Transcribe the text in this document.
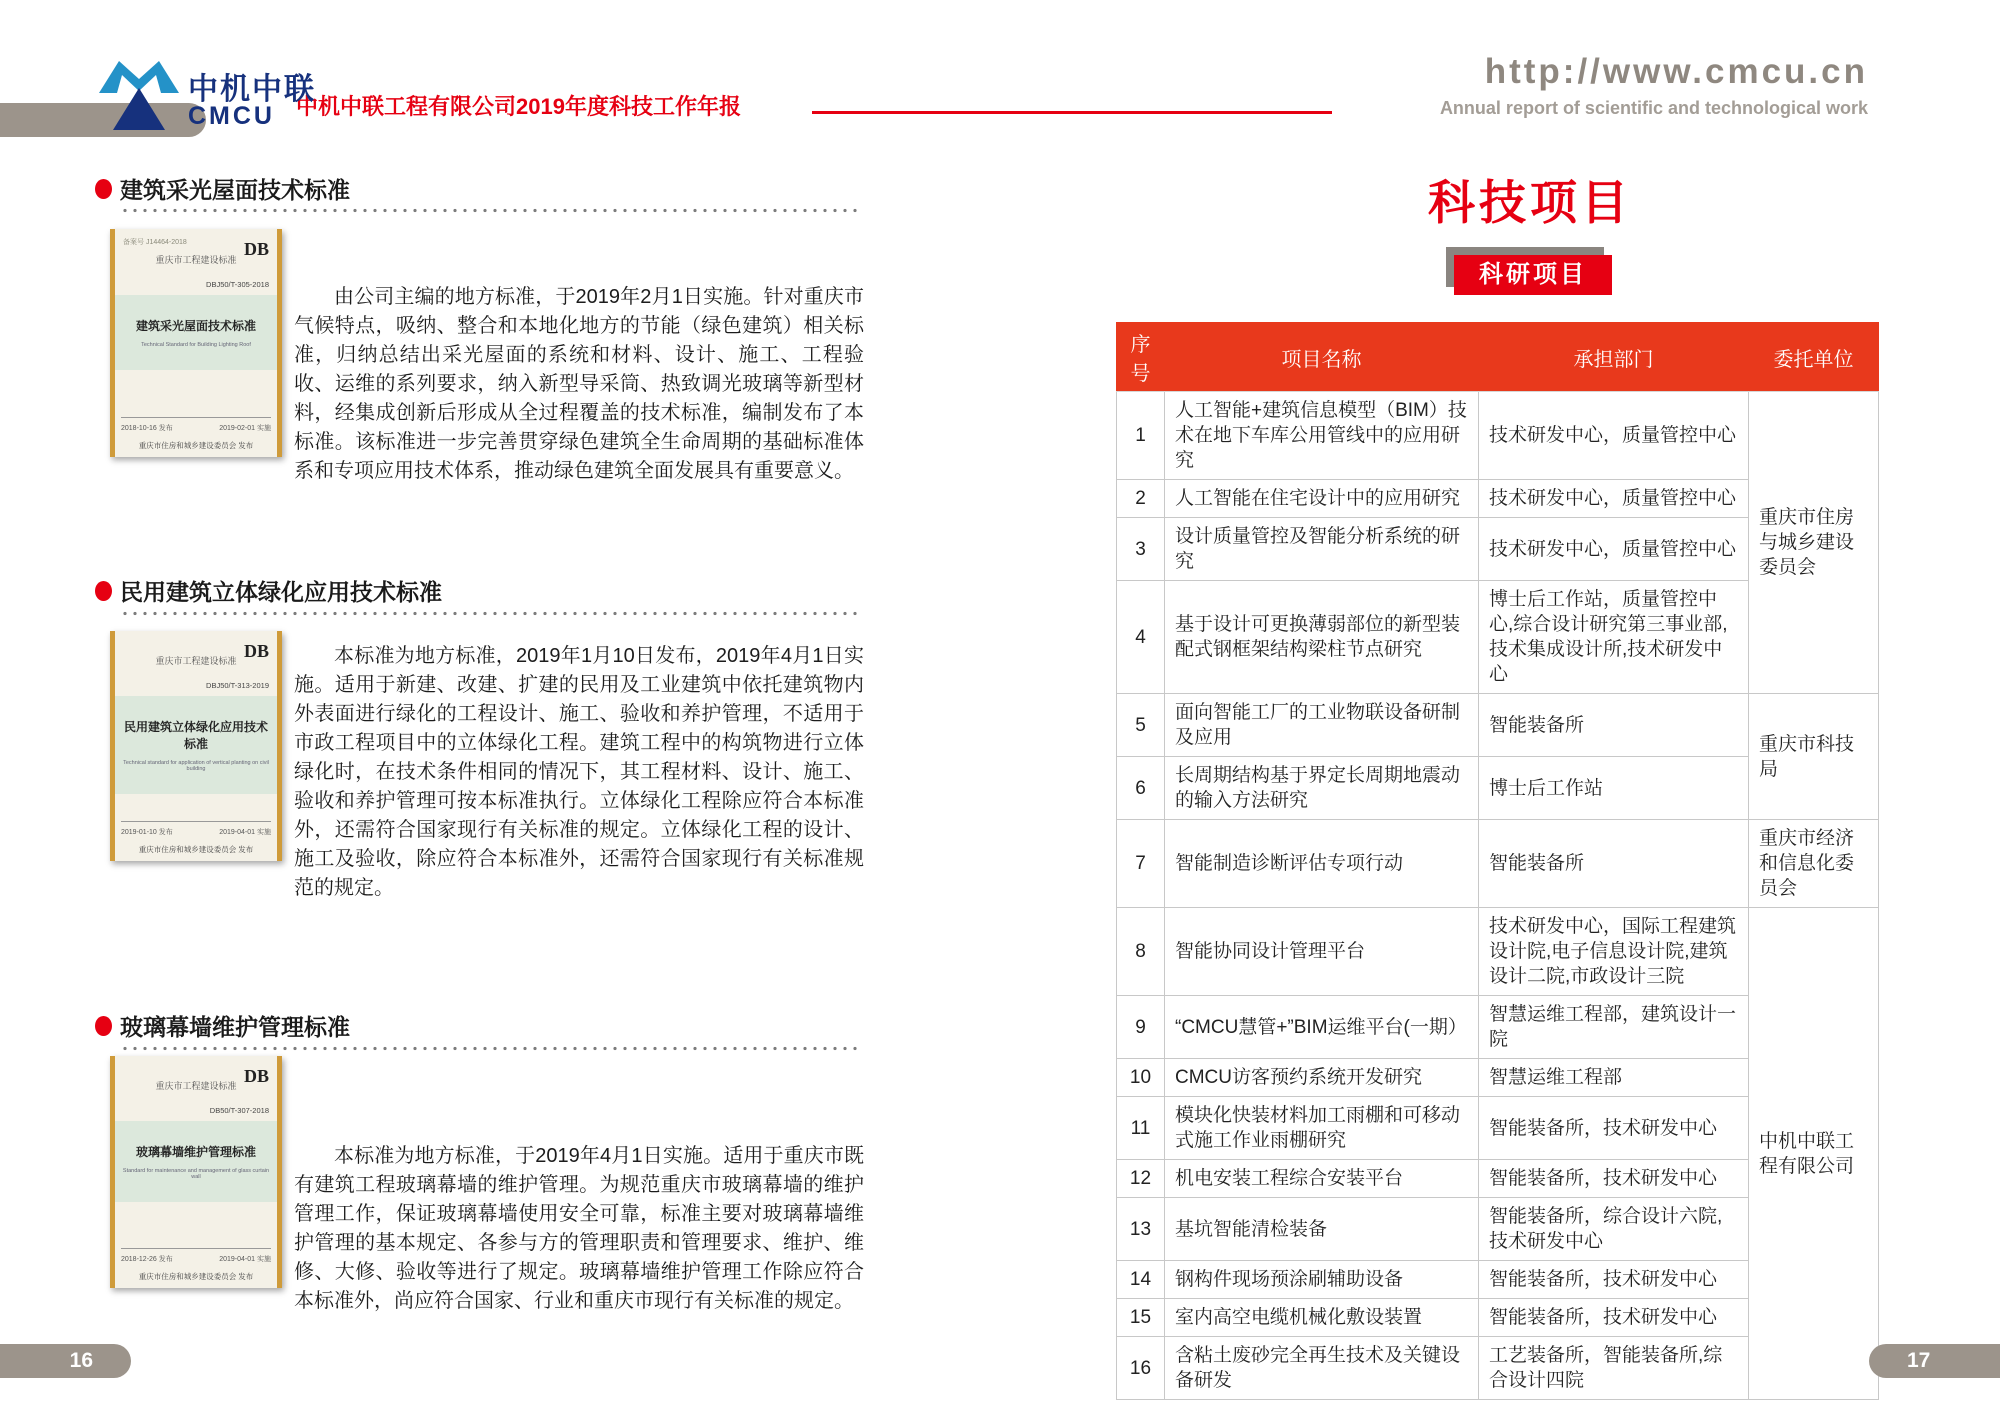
中机中联
CMCU 中机中联工程有限公司2019年度科技工作年报
http://www.cmcu.cn
Annual report of scientific and technological work
建筑采光屋面技术标准
备案号 J14464-2018	DB
重庆市工程建设标准
DBJ50/T-305-2018
建筑采光屋面技术标准
Technical Standard for Building Lighting Roof
2018-10-16 发布	2019-02-01 实施
重庆市住房和城乡建设委员会 发布
由公司主编的地方标准，于2019年2月1日实施。针对重庆市气候特点，吸纳、整合和本地化地方的节能（绿色建筑）相关标准，归纳总结出采光屋面的系统和材料、设计、施工、工程验收、运维的系列要求，纳入新型导采筒、热致调光玻璃等新型材料，经集成创新后形成从全过程覆盖的技术标准，编制发布了本标准。该标准进一步完善贯穿绿色建筑全生命周期的基础标准体系和专项应用技术体系，推动绿色建筑全面发展具有重要意义。
民用建筑立体绿化应用技术标准
DB
重庆市工程建设标准
DBJ50/T-313-2019
民用建筑立体绿化应用技术标准
Technical standard for application of vertical planting on civil building
2019-01-10 发布	2019-04-01 实施
重庆市住房和城乡建设委员会 发布
本标准为地方标准，2019年1月10日发布，2019年4月1日实施。适用于新建、改建、扩建的民用及工业建筑中依托建筑物内外表面进行绿化的工程设计、施工、验收和养护管理，不适用于市政工程项目中的立体绿化工程。建筑工程中的构筑物进行立体绿化时，在技术条件相同的情况下，其工程材料、设计、施工、验收和养护管理可按本标准执行。立体绿化工程除应符合本标准外，还需符合国家现行有关标准的规定。立体绿化工程的设计、施工及验收，除应符合本标准外，还需符合国家现行有关标准规范的规定。
玻璃幕墙维护管理标准
DB
重庆市工程建设标准
DB50/T-307-2018
玻璃幕墙维护管理标准
Standard for maintenance and management of glass curtain wall
2018-12-26 发布	2019-04-01 实施
重庆市住房和城乡建设委员会 发布
本标准为地方标准，于2019年4月1日实施。适用于重庆市既有建筑工程玻璃幕墙的维护管理。为规范重庆市玻璃幕墙的维护管理工作，保证玻璃幕墙使用安全可靠，标准主要对玻璃幕墙维护管理的基本规定、各参与方的管理职责和管理要求、维护、维修、大修、验收等进行了规定。玻璃幕墙维护管理工作除应符合本标准外，尚应符合国家、行业和重庆市现行有关标准的规定。
科技项目
科研项目
序号	项目名称	承担部门	委托单位
1	人工智能+建筑信息模型（BIM）技术在地下车库公用管线中的应用研究	技术研发中心，质量管控中心	重庆市住房与城乡建设委员会
2	人工智能在住宅设计中的应用研究	技术研发中心，质量管控中心	
3	设计质量管控及智能分析系统的研究	技术研发中心，质量管控中心	
4	基于设计可更换薄弱部位的新型装配式钢框架结构梁柱节点研究	博士后工作站，质量管控中心,综合设计研究第三事业部,技术集成设计所,技术研发中心	
5	面向智能工厂的工业物联设备研制及应用	智能装备所	重庆市科技局
6	长周期结构基于界定长周期地震动的输入方法研究	博士后工作站	
7	智能制造诊断评估专项行动	智能装备所	重庆市经济和信息化委员会
8	智能协同设计管理平台	技术研发中心，国际工程建筑设计院,电子信息设计院,建筑设计二院,市政设计三院	中机中联工程有限公司
9	“CMCU慧管+”BIM运维平台(一期）	智慧运维工程部，建筑设计一院	
10	CMCU访客预约系统开发研究	智慧运维工程部	
11	模块化快装材料加工雨棚和可移动式施工作业雨棚研究	智能装备所，技术研发中心	
12	机电安装工程综合安装平台	智能装备所，技术研发中心	
13	基坑智能清检装备	智能装备所，综合设计六院,技术研发中心	
14	钢构件现场预涂刷辅助设备	智能装备所，技术研发中心	
15	室内高空电缆机械化敷设装置	智能装备所，技术研发中心	
16	含粘土废砂完全再生技术及关键设备研发	工艺装备所，智能装备所,综合设计四院	
16	17
